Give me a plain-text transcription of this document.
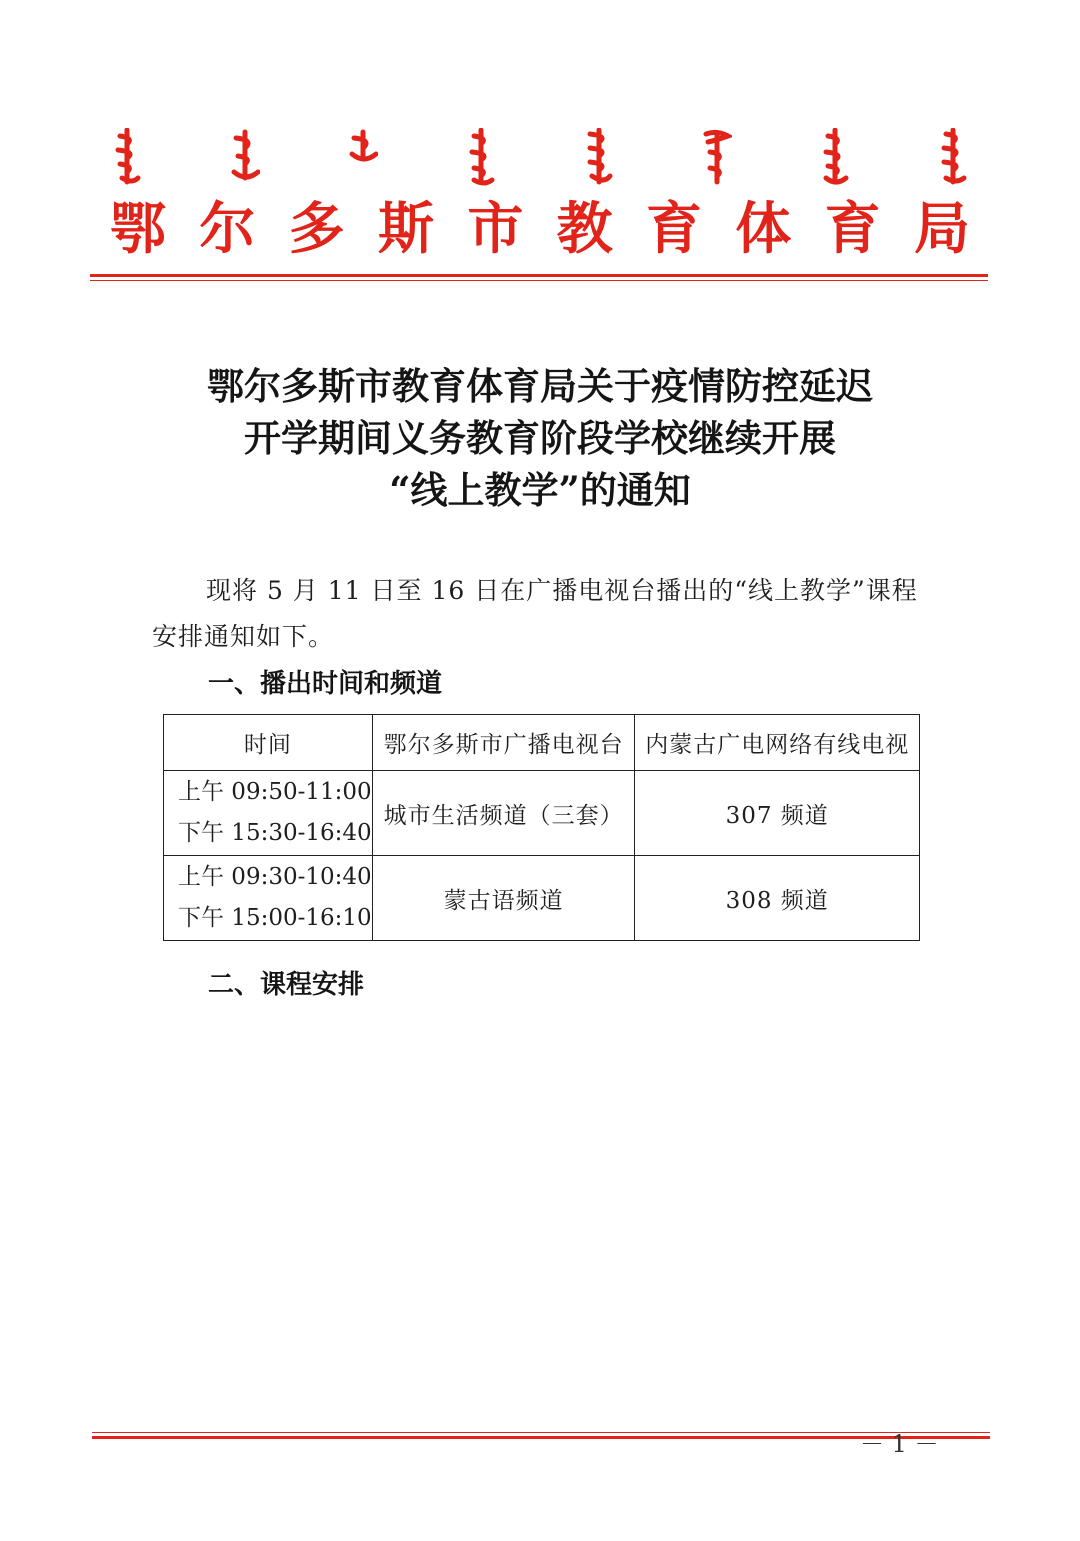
鄂 尔 多 斯 市 教 育 体 育 局
鄂尔多斯市教育体育局关于疫情防控延迟
开学期间义务教育阶段学校继续开展
“线上教学”的通知
现将 5 月 11 日至 16 日在广播电视台播出的“线上教学”课程
安排通知如下。
一、播出时间和频道
时间	鄂尔多斯市广播电视台	内蒙古广电网络有线电视

上午 09:50-11:00
下午 15:30-16:40	城市生活频道（三套）	307 频道

上午 09:30-10:40
下午 15:00-16:10	蒙古语频道	308 频道
二、课程安排
－ 1 －
